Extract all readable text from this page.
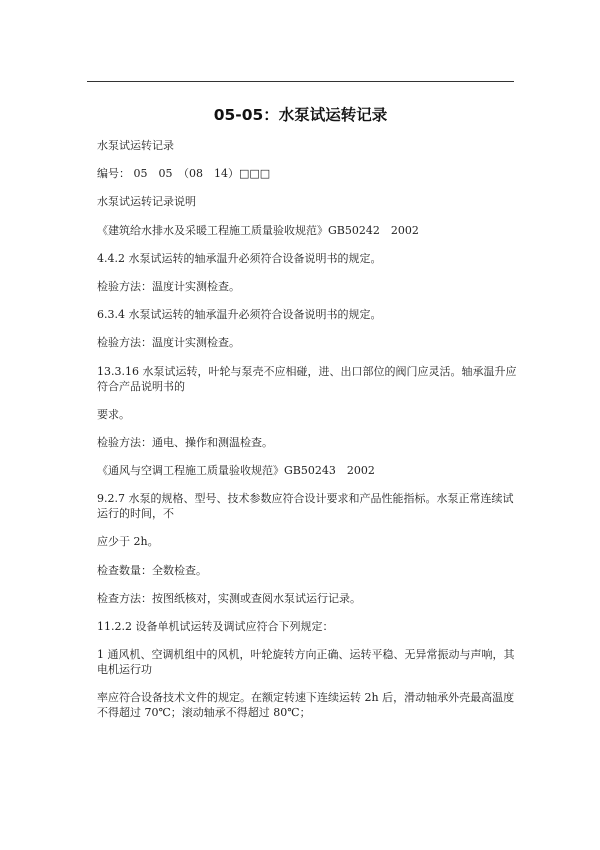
05-05：水泵试运转记录

水泵试运转记录

编号： 05　05　（08　14）□□□

水泵试运转记录说明

《建筑给水排水及采暖工程施工质量验收规范》GB50242　2002

4.4.2 水泵试运转的轴承温升必须符合设备说明书的规定。

检验方法：温度计实测检查。

6.3.4 水泵试运转的轴承温升必须符合设备说明书的规定。

检验方法：温度计实测检查。

13.3.16 水泵试运转，叶轮与泵壳不应相碰，进、出口部位的阀门应灵活。轴承温升应符合产品说明书的

要求。

检验方法：通电、操作和测温检查。

《通风与空调工程施工质量验收规范》GB50243　2002

9.2.7 水泵的规格、型号、技术参数应符合设计要求和产品性能指标。水泵正常连续试运行的时间，不

应少于 2h。

检查数量：全数检查。

检查方法：按图纸核对，实测或查阅水泵试运行记录。

11.2.2 设备单机试运转及调试应符合下列规定：

1 通风机、空调机组中的风机，叶轮旋转方向正确、运转平稳、无异常振动与声响，其电机运行功

率应符合设备技术文件的规定。在额定转速下连续运转 2h 后，滑动轴承外壳最高温度不得超过 70℃；滚动轴承不得超过 80℃；
